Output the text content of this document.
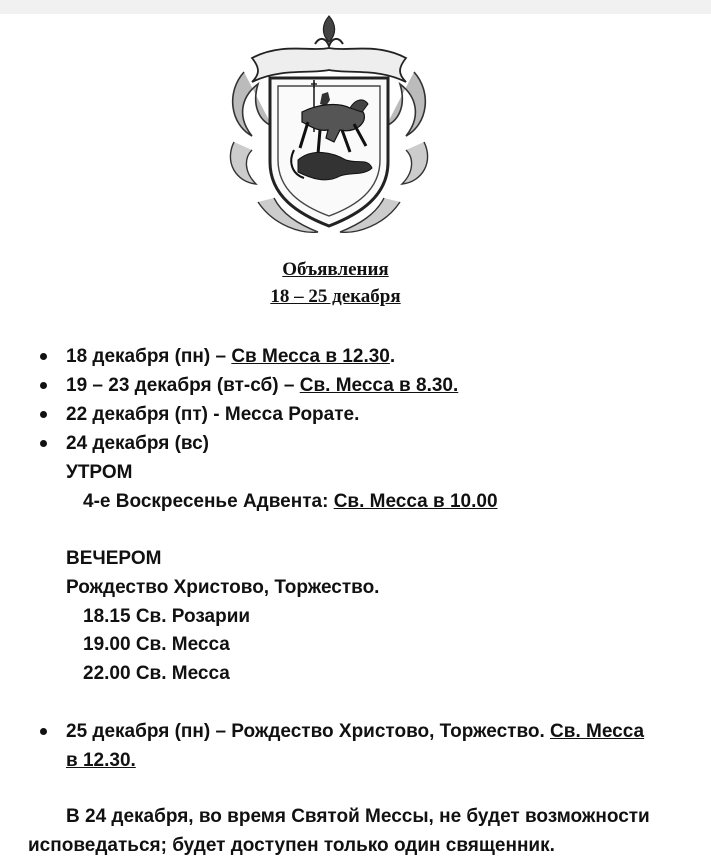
Объявления
18 – 25 декабря
18 декабря (пн) – Св Месса в 12.30.
19 – 23 декабря (вт-сб) – Св. Месса в 8.30.
22 декабря (пт) - Месса Рорате.
24 декабря (вс)
УТРОМ
4-е Воскресенье Адвента: Св. Месса в 10.00
ВЕЧЕРОМ
Рождество Христово, Торжество.
18.15 Св. Розарии
19.00 Св. Месса
22.00 Св. Месса
25 декабря (пн) – Рождество Христово, Торжество. Св. Месса
в 12.30.
В 24 декабря, во время Святой Мессы, не будет возможности
исповедаться; будет доступен только один священник.
